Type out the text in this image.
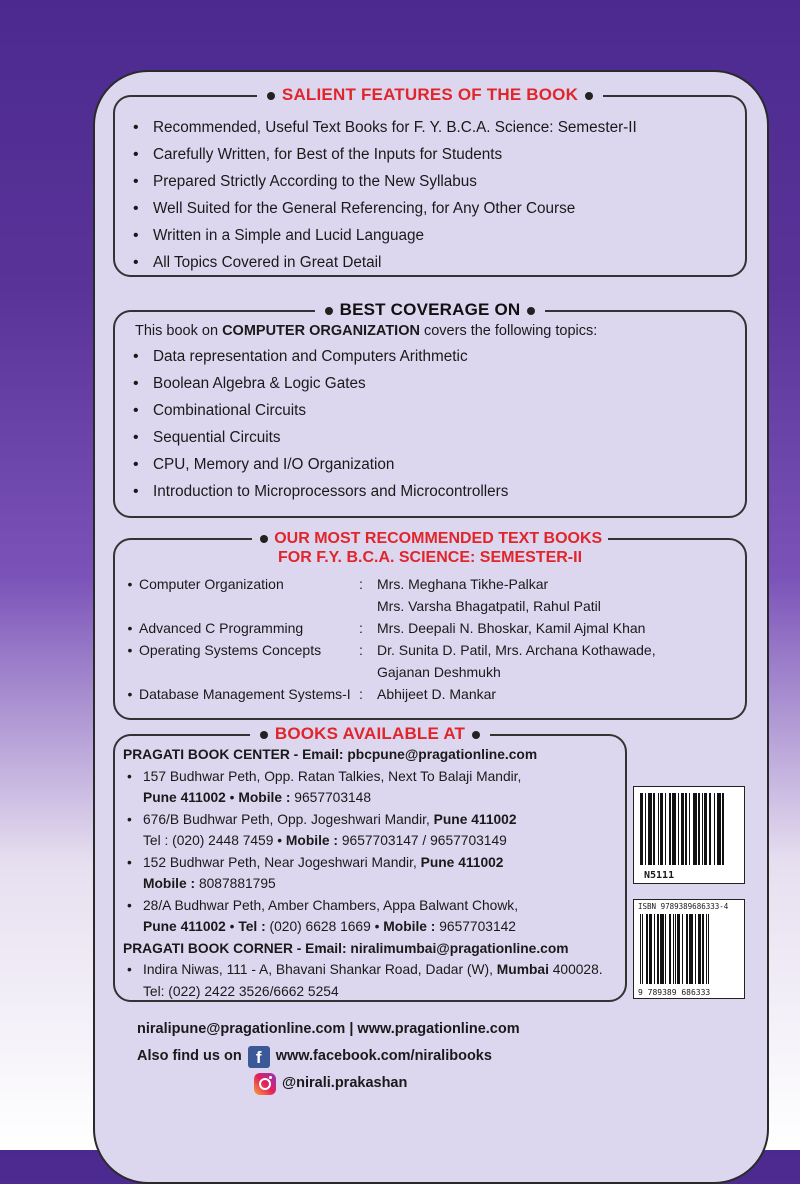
SALIENT FEATURES OF THE BOOK
• Recommended, Useful Text Books for F. Y. B.C.A. Science: Semester-II
• Carefully Written, for Best of the Inputs for Students
• Prepared Strictly According to the New Syllabus
• Well Suited for the General Referencing, for Any Other Course
• Written in a Simple and Lucid Language
• All Topics Covered in Great Detail
BEST COVERAGE ON
This book on COMPUTER ORGANIZATION covers the following topics:
• Data representation and Computers Arithmetic
• Boolean Algebra & Logic Gates
• Combinational Circuits
• Sequential Circuits
• CPU, Memory and I/O Organization
• Introduction to Microprocessors and Microcontrollers
OUR MOST RECOMMENDED TEXT BOOKS
FOR F.Y. B.C.A. SCIENCE: SEMESTER-II
•	Computer Organization	:	Mrs. Meghana Tikhe-Palkar
			Mrs. Varsha Bhagatpatil, Rahul Patil
•	Advanced C Programming	:	Mrs. Deepali N. Bhoskar, Kamil Ajmal Khan
•	Operating Systems Concepts	:	Dr. Sunita D. Patil, Mrs. Archana Kothawade,
			Gajanan Deshmukh
•	Database Management Systems-I	:	Abhijeet D. Mankar
BOOKS AVAILABLE AT
PRAGATI BOOK CENTER - Email: pbcpune@pragationline.com
• 157 Budhwar Peth, Opp. Ratan Talkies, Next To Balaji Mandir,
Pune 411002 • Mobile : 9657703148
• 676/B Budhwar Peth, Opp. Jogeshwari Mandir, Pune 411002
Tel : (020) 2448 7459 • Mobile : 9657703147 / 9657703149
• 152 Budhwar Peth, Near Jogeshwari Mandir, Pune 411002
Mobile : 8087881795
• 28/A Budhwar Peth, Amber Chambers, Appa Balwant Chowk,
Pune 411002 • Tel : (020) 6628 1669 • Mobile : 9657703142
PRAGATI BOOK CORNER - Email: niralimumbai@pragationline.com
• Indira Niwas, 111 - A, Bhavani Shankar Road, Dadar (W), Mumbai 400028.
Tel: (022) 2422 3526/6662 5254
N5111
ISBN 9789389686333-4
9 789389 686333
niralipune@pragationline.com | www.pragationline.com
Also find us on f www.facebook.com/niralibooks
@nirali.prakashan
